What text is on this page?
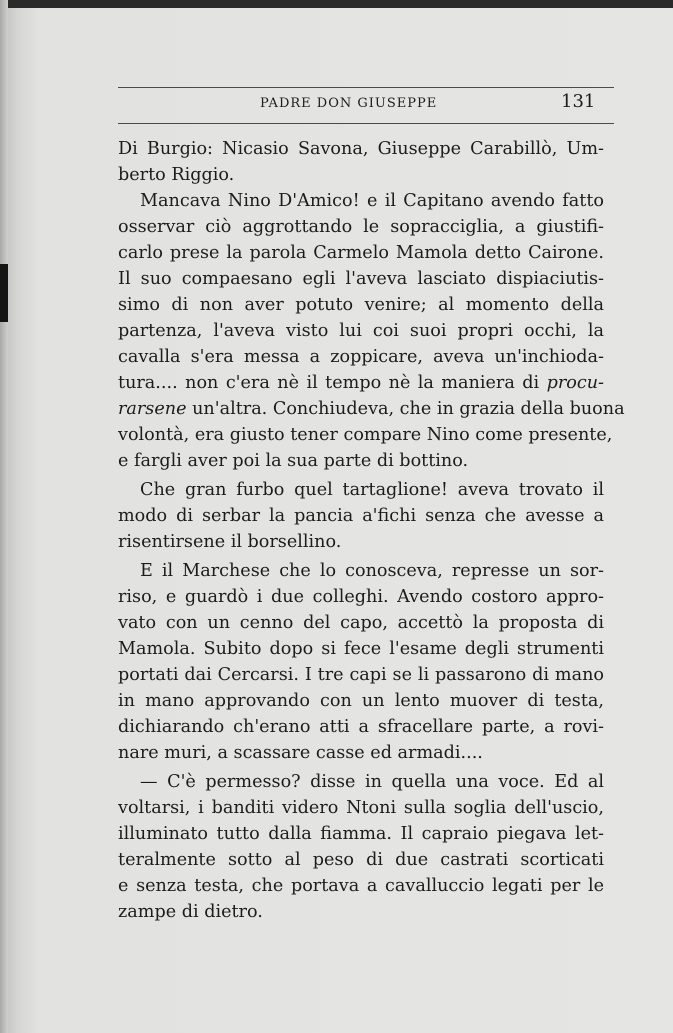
PADRE DON GIUSEPPE	131
Di Burgio: Nicasio Savona, Giuseppe Carabillò, Um-
berto Riggio.
Mancava Nino D'Amico! e il Capitano avendo fatto
osservar ciò aggrottando le sopracciglia, a giustifi-
carlo prese la parola Carmelo Mamola detto Cairone.
Il suo compaesano egli l'aveva lasciato dispiaciutis-
simo di non aver potuto venire; al momento della
partenza, l'aveva visto lui coi suoi propri occhi, la
cavalla s'era messa a zoppicare, aveva un'inchioda-
tura.... non c'era nè il tempo nè la maniera di procu-
rarsene un'altra. Conchiudeva, che in grazia della buona
volontà, era giusto tener compare Nino come presente,
e fargli aver poi la sua parte di bottino.
Che gran furbo quel tartaglione! aveva trovato il
modo di serbar la pancia a'fichi senza che avesse a
risentirsene il borsellino.
E il Marchese che lo conosceva, represse un sor-
riso, e guardò i due colleghi. Avendo costoro appro-
vato con un cenno del capo, accettò la proposta di
Mamola. Subito dopo si fece l'esame degli strumenti
portati dai Cercarsi. I tre capi se li passarono di mano
in mano approvando con un lento muover di testa,
dichiarando ch'erano atti a sfracellare parte, a rovi-
nare muri, a scassare casse ed armadi....
— C'è permesso? disse in quella una voce. Ed al
voltarsi, i banditi videro Ntoni sulla soglia dell'uscio,
illuminato tutto dalla fiamma. Il capraio piegava let-
teralmente sotto al peso di due castrati scorticati
e senza testa, che portava a cavalluccio legati per le
zampe di dietro.
